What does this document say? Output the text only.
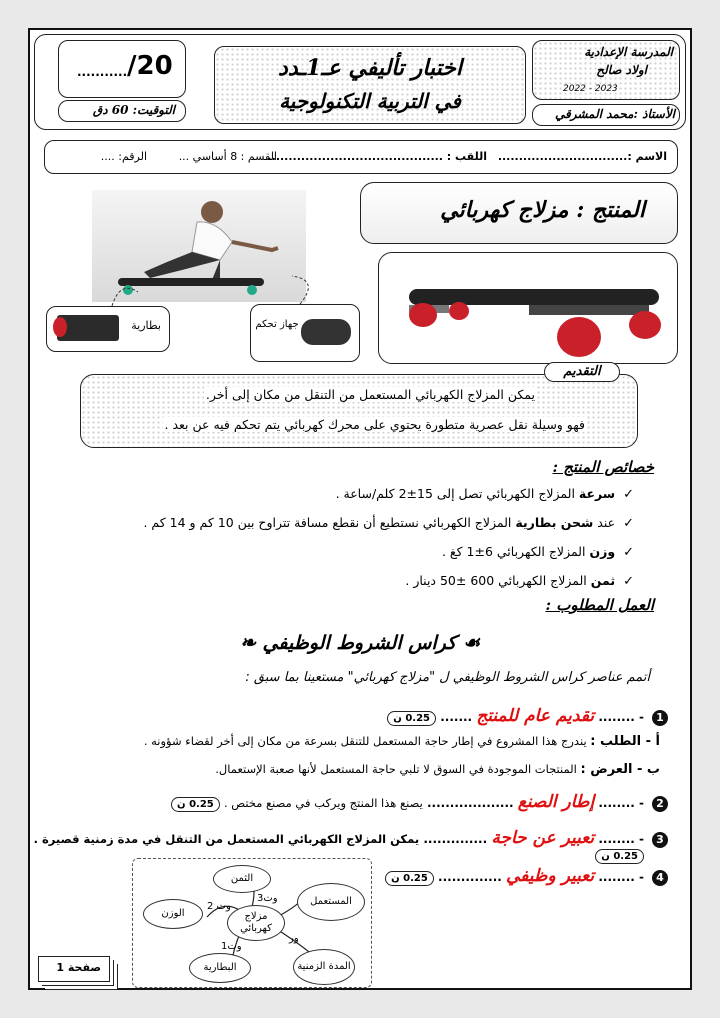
المدرسة الإعدادية
اولاد صالح
2022 - 2023
الأستاذ :محمد المشرقي
اختبار تأليفي عـ1ـدد
في التربية التكنولوجية
........... /20
التوقيت: 60 دق
الاسم :...............................
اللقب : ..........................................
القسم : 8 أساسي ...
الرقم: ....
المنتج : مزلاج كهربائي
بطارية	جهاز تحكم
يمكن المزلاج الكهربائي المستعمل من التنقل من مكان إلى أخر.
فهو وسيلة نقل عصرية متطورة يحتوي على محرك كهربائي يتم تحكم فيه عن بعد .
التقديم
خصائص المنتج :
✓سرعة المزلاج الكهربائي تصل إلى 15±2 كلم/ساعة .
✓عند شحن بطارية المزلاج الكهربائي نستطيع أن نقطع مسافة تتراوح بين 10 كم و 14 كم .
✓وزن المزلاج الكهربائي 6±1 كغ .
✓ثمن المزلاج الكهربائي 600 ±50 دينار .
العمل المطلوب :
❧ كراس الشروط الوظيفي ☙
أتمم عناصر كراس الشروط الوظيفي ل "مزلاج كهربائي" مستعينا بما سبق :
1
- ........ تقديم عام للمنتج ....... 0.25 ن
أ - الطلب : يندرج هذا المشروع في إطار حاجة المستعمل للتنقل بسرعة من مكان إلى أخر لقضاء شؤونه .
ب - العرض : المنتجات الموجودة في السوق لا تلبي حاجة المستعمل لأنها صعبة الإستعمال.
2
- ........ إطار الصنع ................... يصنع هذا المنتج ويركب في مصنع مختص . 0.25 ن
3
- ........ تعبير عن حاجة .............. يمكن المزلاج الكهربائي المستعمل من التنقل في مدة زمنية قصيرة . 0.25 ن
4
- ........ تعبير وظيفي .............. 0.25 ن
الثمن
المستعمل
الوزن	مزلاج كهربائي
البطارية	المدة الزمنية
وت3
وت 2
وت1
ور
صفحة 1
